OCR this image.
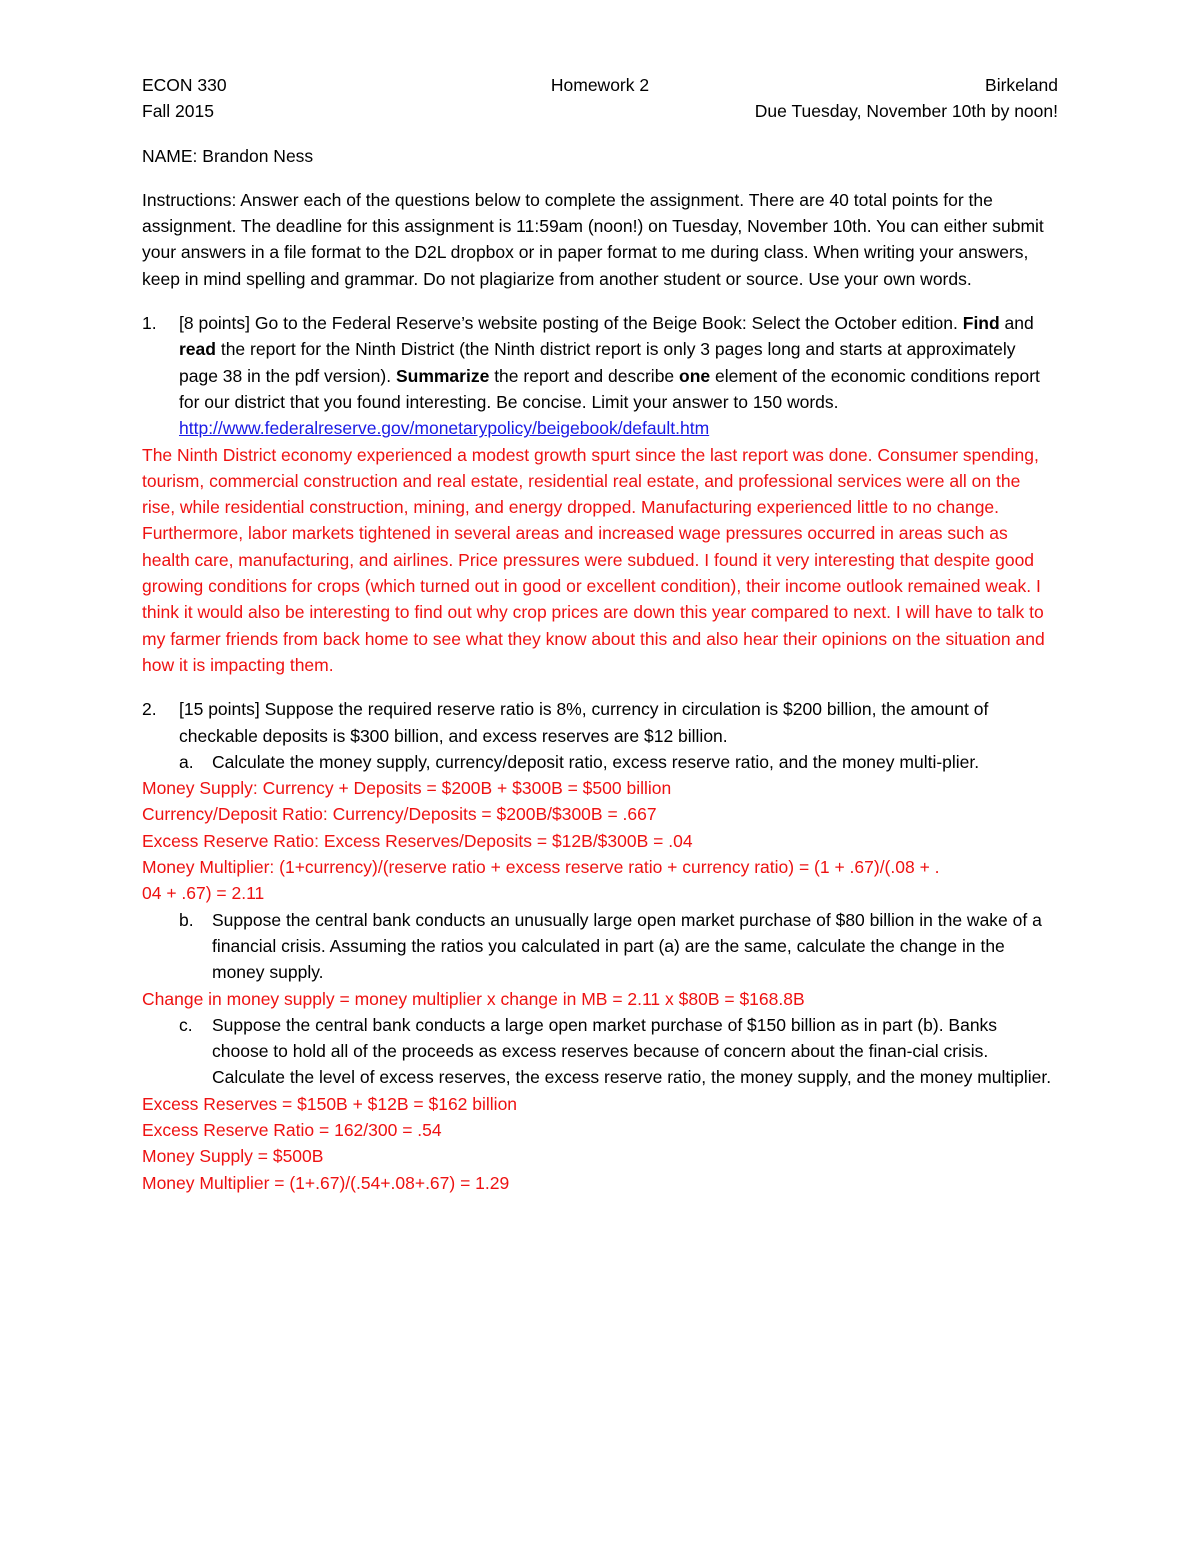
ECON 330	Homework 2	Birkeland
Fall 2015	Due Tuesday, November 10th by noon!

NAME: Brandon Ness

Instructions: Answer each of the questions below to complete the assignment. There are 40 total points for the assignment. The deadline for this assignment is 11:59am (noon!) on Tuesday, November 10th. You can either submit your answers in a file format to the D2L dropbox or in paper format to me during class. When writing your answers, keep in mind spelling and grammar. Do not plagiarize from another student or source. Use your own words.

1.	[8 points] Go to the Federal Reserve’s website posting of the Beige Book: Select the October edition. Find and read the report for the Ninth District (the Ninth district report is only 3 pages long and starts at approximately page 38 in the pdf version). Summarize the report and describe one element of the economic conditions report for our district that you found interesting. Be concise. Limit your answer to 150 words. http://www.federalreserve.gov/monetarypolicy/beigebook/default.htm

The Ninth District economy experienced a modest growth spurt since the last report was done. Consumer spending, tourism, commercial construction and real estate, residential real estate, and professional services were all on the rise, while residential construction, mining, and energy dropped. Manufacturing experienced little to no change. Furthermore, labor markets tightened in several areas and increased wage pressures occurred in areas such as health care, manufacturing, and airlines. Price pressures were subdued. I found it very interesting that despite good growing conditions for crops (which turned out in good or excellent condition), their income outlook remained weak. I think it would also be interesting to find out why crop prices are down this year compared to next. I will have to talk to my farmer friends from back home to see what they know about this and also hear their opinions on the situation and how it is impacting them.

2.	[15 points] Suppose the required reserve ratio is 8%, currency in circulation is $200 billion, the amount of checkable deposits is $300 billion, and excess reserves are $12 billion.
a.	Calculate the money supply, currency/deposit ratio, excess reserve ratio, and the money multi-plier.
Money Supply: Currency + Deposits = $200B + $300B = $500 billion
Currency/Deposit Ratio: Currency/Deposits = $200B/$300B = .667
Excess Reserve Ratio: Excess Reserves/Deposits = $12B/$300B = .04
Money Multiplier: (1+currency)/(reserve ratio + excess reserve ratio + currency ratio) = (1 + .67)/(.08 + .
04 + .67) = 2.11
b.	Suppose the central bank conducts an unusually large open market purchase of $80 billion in the wake of a financial crisis. Assuming the ratios you calculated in part (a) are the same, calculate the change in the money supply.
Change in money supply = money multiplier x change in MB = 2.11 x $80B = $168.8B
c.	Suppose the central bank conducts a large open market purchase of $150 billion as in part (b). Banks choose to hold all of the proceeds as excess reserves because of concern about the finan-cial crisis. Calculate the level of excess reserves, the excess reserve ratio, the money supply, and the money multiplier.
Excess Reserves = $150B + $12B = $162 billion
Excess Reserve Ratio = 162/300 = .54
Money Supply = $500B
Money Multiplier = (1+.67)/(.54+.08+.67) = 1.29
